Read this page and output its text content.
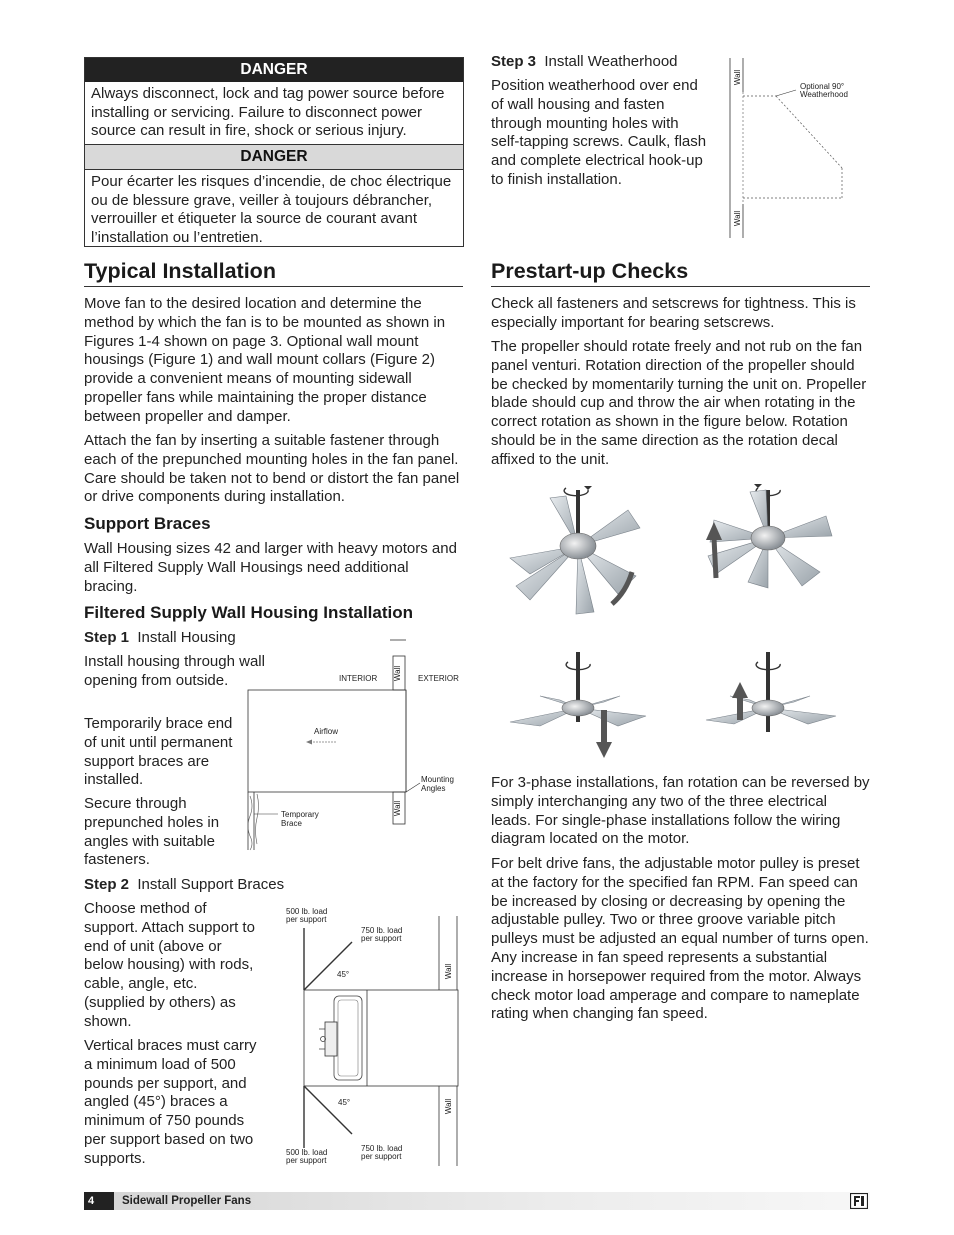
DANGER
Always disconnect, lock and tag power source before installing or servicing. Failure to disconnect power source can result in fire, shock or serious injury.
DANGER
Pour écarter les risques d’incendie, de choc électrique ou de blessure grave, veiller à toujours débrancher, verrouiller et étiqueter la source de courant avant l’installation ou l’entretien.
Typical Installation

Move fan to the desired location and determine the method by which the fan is to be mounted as shown in Figures 1-4 shown on page 3. Optional wall mount housings (Figure 1) and wall mount collars (Figure 2) provide a convenient means of mounting sidewall propeller fans while maintaining the proper distance between propeller and damper.

Attach the fan by inserting a suitable fastener through each of the prepunched mounting holes in the fan panel. Care should be taken not to bend or distort the fan panel or drive components during installation.

Support Braces

Wall Housing sizes 42 and larger with heavy motors and all Filtered Supply Wall Housings need additional bracing.

Filtered Supply Wall Housing Installation
Step 1 Install Housing

Install housing through wall opening from outside.

Temporarily brace end of unit until permanent support braces are installed.

Secure through prepunched holes in angles with suitable fasteners.

INTERIOR	EXTERIOR
Wall
Airflow
Mounting
Angles
Wall
Temporary
Brace
Step 2 Install Support Braces

Choose method of support. Attach support to end of unit (above or below housing) with rods, cable, angle, etc. (supplied by others) as shown.

Vertical braces must carry a minimum load of 500 pounds per support, and angled (45°) braces a minimum of 750 pounds per support based on two supports.

500 lb. load
per support
750 lb. load
per support
45°	Wall
45°	Wall
500 lb. load
per support
750 lb. load
per support
Step 3 Install Weatherhood

Position weatherhood over end of wall housing and fasten through mounting holes with self-tapping screws. Caulk, flash and complete electrical hook-up to finish installation.

Wall
Optional 90°
Weatherhood
Wall
Prestart-up Checks

Check all fasteners and setscrews for tightness. This is especially important for bearing setscrews.

The propeller should rotate freely and not rub on the fan panel venturi. Rotation direction of the propeller should be checked by momentarily turning the unit on. Propeller blade should cup and throw the air when rotating in the correct rotation as shown in the figure below. Rotation should be in the same direction as the rotation decal affixed to the unit.

For 3-phase installations, fan rotation can be reversed by simply interchanging any two of the three electrical leads. For single-phase installations follow the wiring diagram located on the motor.

For belt drive fans, the adjustable motor pulley is preset at the factory for the specified fan RPM. Fan speed can be increased by closing or decreasing by opening the adjustable pulley. Two or three groove variable pitch pulleys must be adjusted an equal number of turns open. Any increase in fan speed represents a substantial increase in horsepower required from the motor. Always check motor load amperage and compare to nameplate rating when changing fan speed.

4	Sidewall Propeller Fans
